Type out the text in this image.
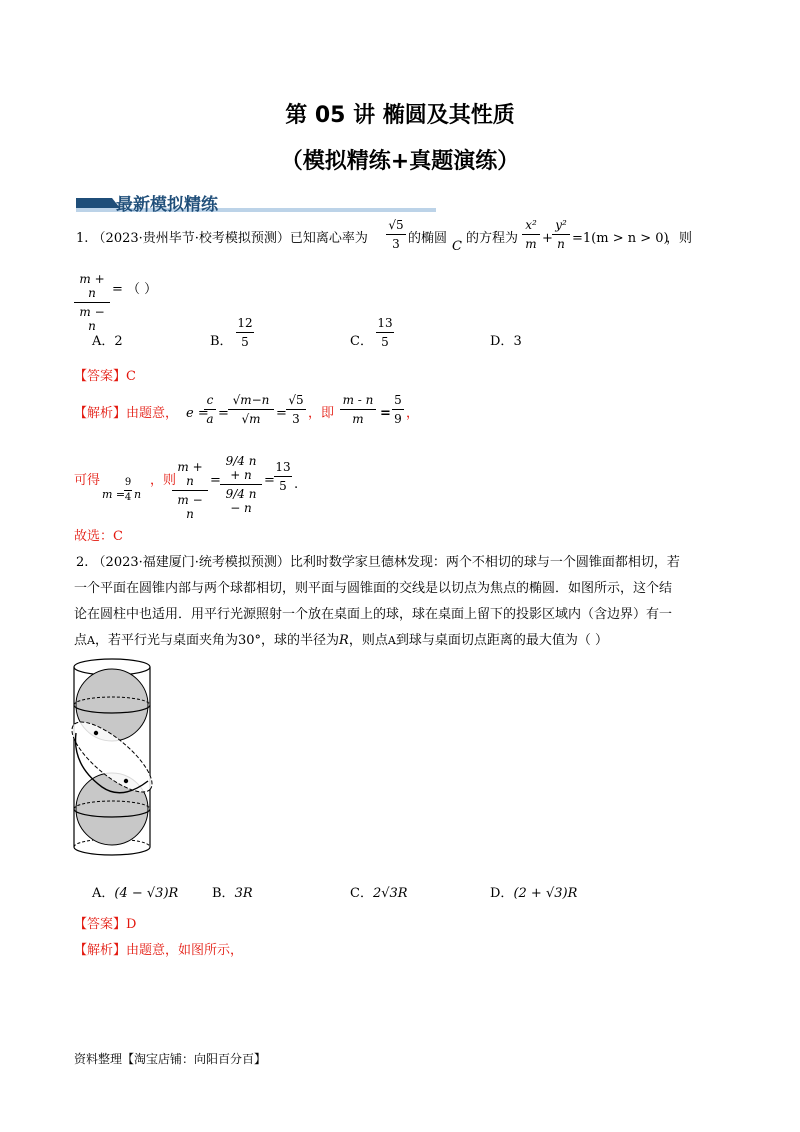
第 05 讲 椭圆及其性质
（模拟精练+真题演练）
最新模拟精练
1. （2023·贵州毕节·校考模拟预测）已知离心率为
√5
3 的椭圆
C
的方程为
x²
m +
y²
n =1(m > n > 0)
，则
m + n
m − n
= （ ）
A．2	B．
12
5	C．
13
5	D．3
【答案】C
【解析】由题意， e =
c
a =
√m−n
√m	=
√5
3 ，即
m - n
m	=
5
9 ，
可得
m =
9
4 n
，则
m + n
m − n
=
9/4 n + n
9/4 n − n
=
13
5 .
故选：C
2. （2023·福建厦门·统考模拟预测）比利时数学家旦德林发现：两个不相切的球与一个圆锥面都相切，若
一个平面在圆锥内部与两个球都相切，则平面与圆锥面的交线是以切点为焦点的椭圆．如图所示，这个结
论在圆柱中也适用．用平行光源照射一个放在桌面上的球，球在桌面上留下的投影区域内（含边界）有一
点A，若平行光与桌面夹角为30°，球的半径为R，则点A到球与桌面切点距离的最大值为（ ）
A．(4 − √3)R	B．3R	C．2√3R	D．(2 + √3)R
【答案】D
【解析】由题意，如图所示，
资料整理【淘宝店铺：向阳百分百】
